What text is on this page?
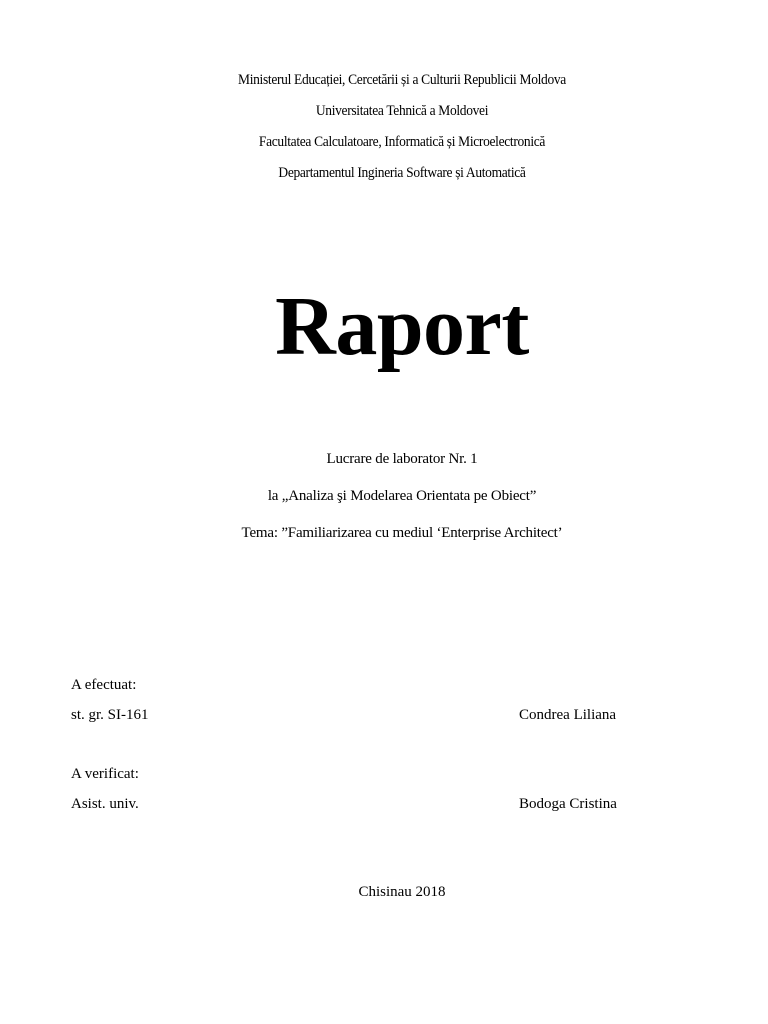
Ministerul Educației, Cercetării și a Culturii Republicii Moldova
Universitatea Tehnică a Moldovei
Facultatea Calculatoare, Informatică și Microelectronică
Departamentul Ingineria Software și Automatică
Raport
Lucrare de laborator Nr. 1
la „Analiza şi Modelarea Orientata pe Obiect”
Tema: ”Familiarizarea cu mediul ‘Enterprise Architect’
A efectuat:
st. gr. SI-161	Condrea Liliana
A verificat:
Asist. univ.	Bodoga Cristina
Chisinau 2018
